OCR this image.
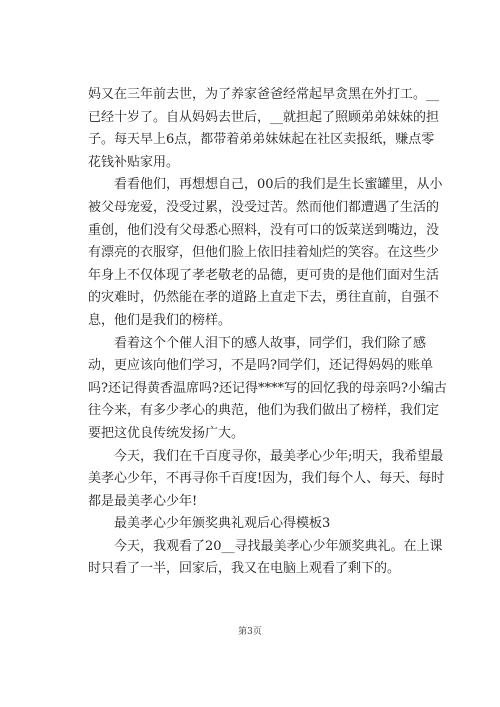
妈又在三年前去世，为了养家爸爸经常起早贪黑在外打工。__
已经十岁了。自从妈妈去世后，__就担起了照顾弟弟妹妹的担
子。每天早上6点，都带着弟弟妹妹起在社区卖报纸，赚点零
花钱补贴家用。

看看他们，再想想自己，00后的我们是生长蜜罐里，从小
被父母宠爱，没受过累，没受过苦。然而他们都遭遇了生活的
重创，他们没有父母悉心照料，没有可口的饭菜送到嘴边，没
有漂亮的衣服穿，但他们脸上依旧挂着灿烂的笑容。在这些少
年身上不仅体现了孝老敬老的品德，更可贵的是他们面对生活
的灾难时，仍然能在孝的道路上直走下去，勇往直前，自强不
息，他们是我们的榜样。

看着这个个催人泪下的感人故事，同学们，我们除了感
动，更应该向他们学习，不是吗?同学们，还记得妈妈的账单
吗?还记得黄香温席吗?还记得****写的回忆我的母亲吗?小编古
往今来，有多少孝心的典范，他们为我们做出了榜样，我们定
要把这优良传统发扬广大。

今天，我们在千百度寻你，最美孝心少年;明天，我希望最
美孝心少年，不再寻你千百度!因为，我们每个人、每天、每时
都是最美孝心少年!

最美孝心少年颁奖典礼观后心得模板3

今天，我观看了20__寻找最美孝心少年颁奖典礼。在上课
时只看了一半，回家后，我又在电脑上观看了剩下的。

第3页
